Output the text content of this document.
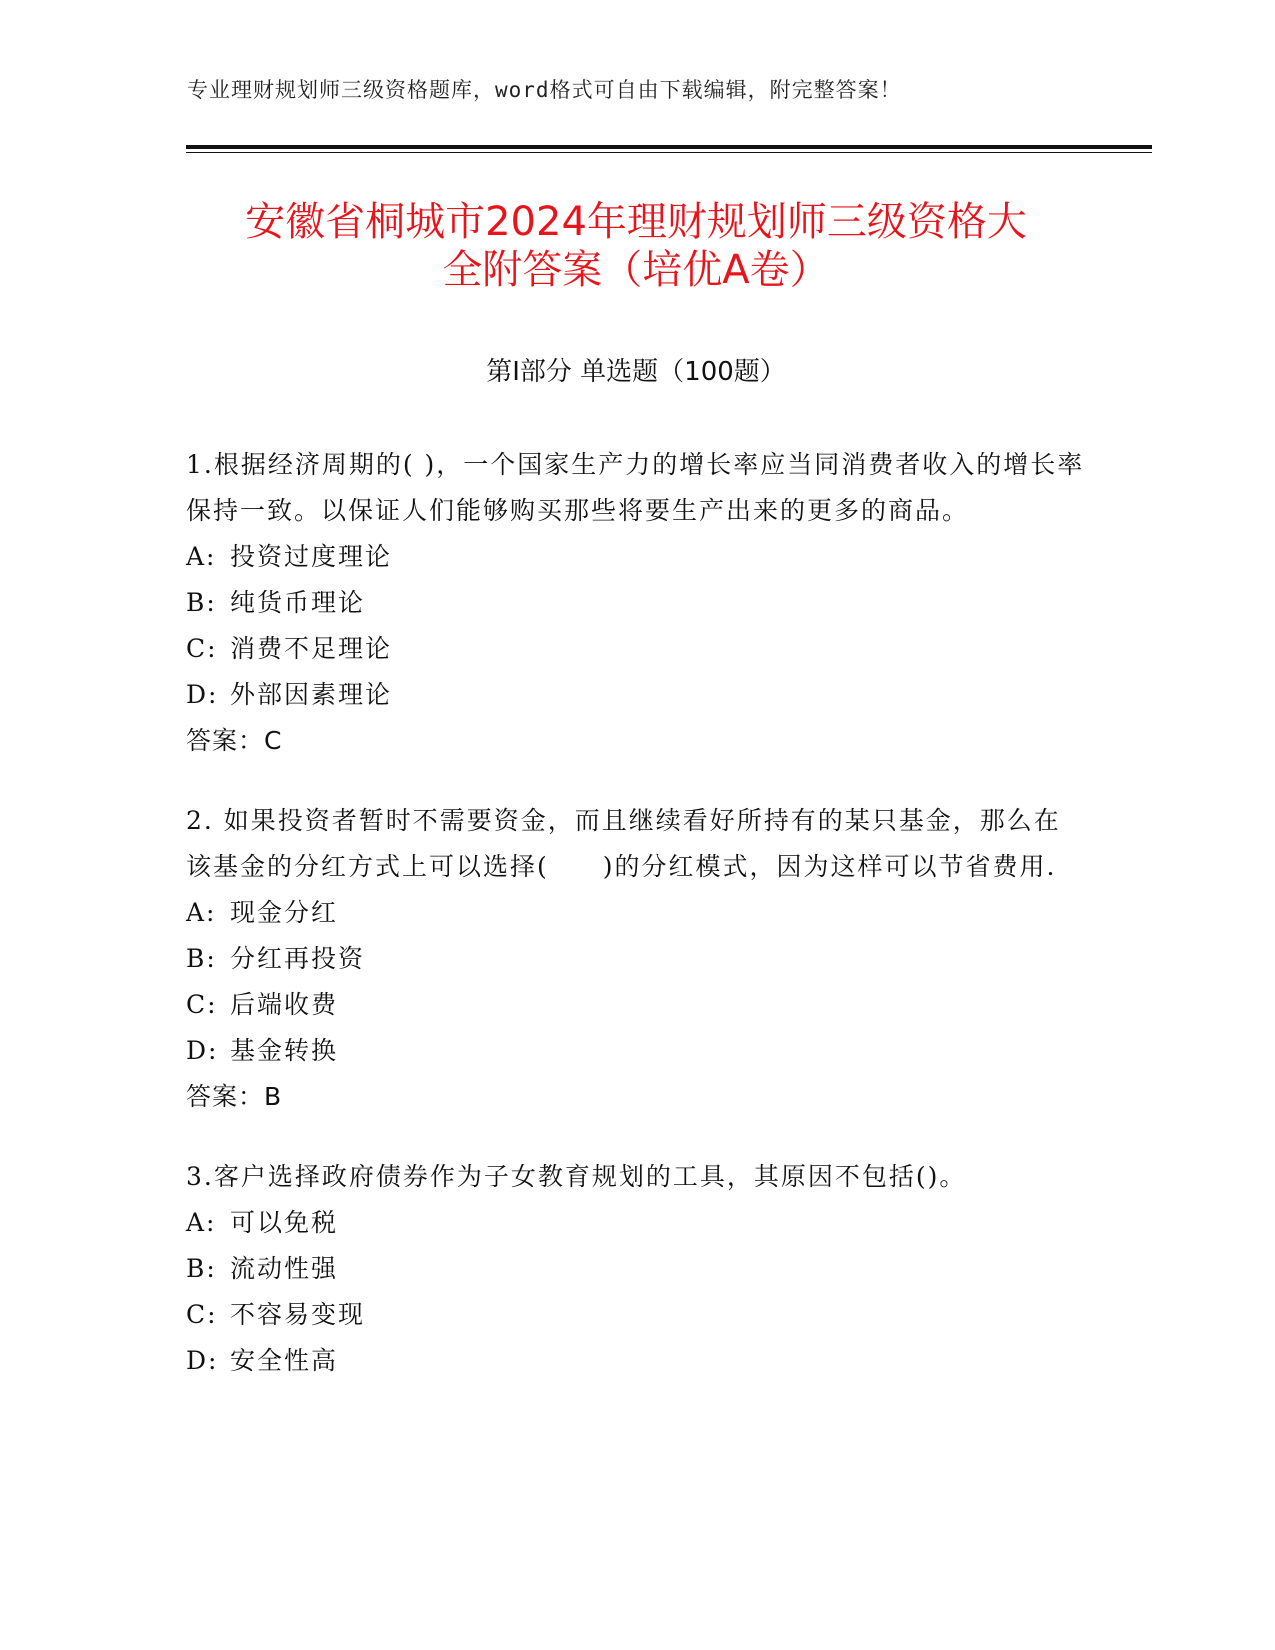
专业理财规划师三级资格题库，word格式可自由下载编辑，附完整答案！
安徽省桐城市2024年理财规划师三级资格大
全附答案（培优A卷）
第Ⅰ部分 单选题（100题）

1.根据经济周期的( )，一个国家生产力的增长率应当同消费者收入的增长率保持一致。以保证人们能够购买那些将要生产出来的更多的商品。

A: 投资过度理论
B: 纯货币理论
C: 消费不足理论
D: 外部因素理论
答案：C

2. 如果投资者暂时不需要资金，而且继续看好所持有的某只基金，那么在该基金的分红方式上可以选择(　　)的分红模式，因为这样可以节省费用.

A: 现金分红
B: 分红再投资
C: 后端收费
D: 基金转换
答案：B

3.客户选择政府债券作为子女教育规划的工具，其原因不包括()。

A: 可以免税
B: 流动性强
C: 不容易变现
D: 安全性高
